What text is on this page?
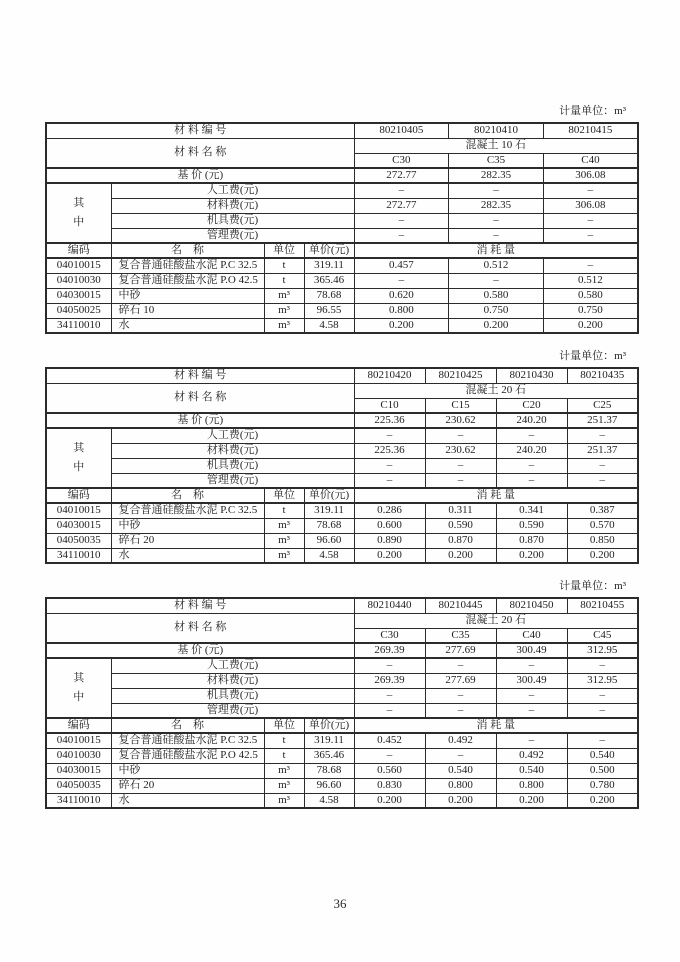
计量单位：m³
材 料 编 号				80210405	80210410	80210415
材 料 名 称				混凝土 10 石		
				C30	C35	C40
基 价 (元)				272.77	282.35	306.08

其
中	人工费(元)			–	–	–
	材料费(元)			272.77	282.35	306.08
	机具费(元)			–	–	–
	管理费(元)			–	–	–
编码	名　称	单位	单价(元)	消 耗 量		
04010015	复合普通硅酸盐水泥 P.C 32.5	t	319.11	0.457	0.512	–
04010030	复合普通硅酸盐水泥 P.O 42.5	t	365.46	–	–	0.512
04030015	中砂	m³	78.68	0.620	0.580	0.580
04050025	碎石 10	m³	96.55	0.800	0.750	0.750
34110010	水	m³	4.58	0.200	0.200	0.200
计量单位：m³
材 料 编 号				80210420	80210425	80210430	80210435
材 料 名 称				混凝土 20 石			
				C10	C15	C20	C25
基 价 (元)				225.36	230.62	240.20	251.37

其
中	人工费(元)			–	–	–	–
	材料费(元)			225.36	230.62	240.20	251.37
	机具费(元)			–	–	–	–
	管理费(元)			–	–	–	–
编码	名　称	单位	单价(元)	消 耗 量			
04010015	复合普通硅酸盐水泥 P.C 32.5	t	319.11	0.286	0.311	0.341	0.387
04030015	中砂	m³	78.68	0.600	0.590	0.590	0.570
04050035	碎石 20	m³	96.60	0.890	0.870	0.870	0.850
34110010	水	m³	4.58	0.200	0.200	0.200	0.200
计量单位：m³
材 料 编 号				80210440	80210445	80210450	80210455
材 料 名 称				混凝土 20 石			
				C30	C35	C40	C45
基 价 (元)				269.39	277.69	300.49	312.95

其
中	人工费(元)			–	–	–	–
	材料费(元)			269.39	277.69	300.49	312.95
	机具费(元)			–	–	–	–
	管理费(元)			–	–	–	–
编码	名　称	单位	单价(元)	消 耗 量			
04010015	复合普通硅酸盐水泥 P.C 32.5	t	319.11	0.452	0.492	–	–
04010030	复合普通硅酸盐水泥 P.O 42.5	t	365.46	–	–	0.492	0.540
04030015	中砂	m³	78.68	0.560	0.540	0.540	0.500
04050035	碎石 20	m³	96.60	0.830	0.800	0.800	0.780
34110010	水	m³	4.58	0.200	0.200	0.200	0.200
36
